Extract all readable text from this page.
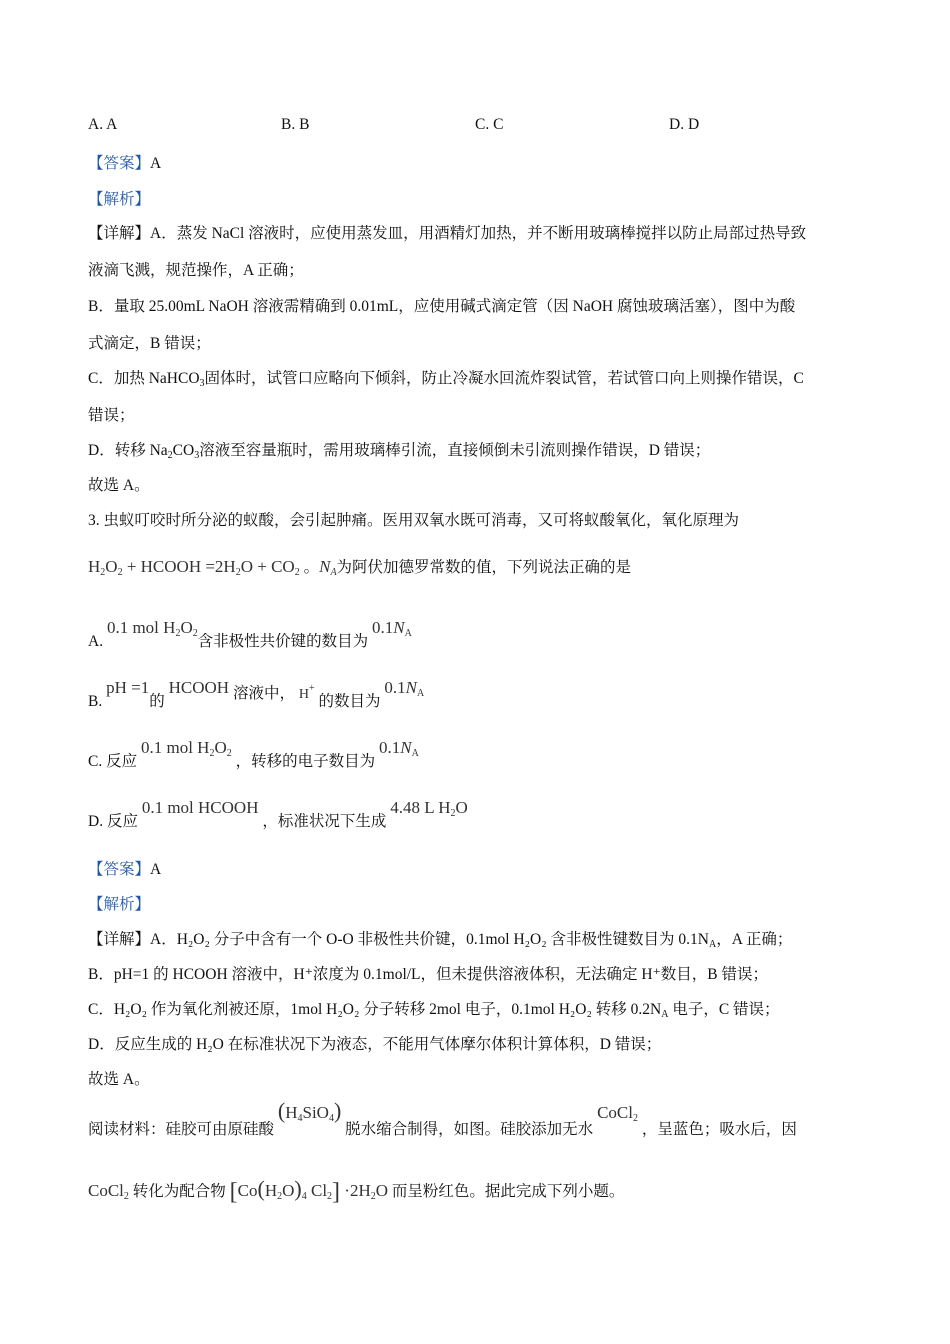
A. A	B. B	C. C	D. D
【答案】A
【解析】
【详解】A．蒸发 NaCl 溶液时，应使用蒸发皿，用酒精灯加热，并不断用玻璃棒搅拌以防止局部过热导致
液滴飞溅，规范操作，A 正确；
B．量取 25.00mL NaOH 溶液需精确到 0.01mL，应使用碱式滴定管（因 NaOH 腐蚀玻璃活塞），图中为酸
式滴定，B 错误；
C．加热 NaHCO$_3$固体时，试管口应略向下倾斜，防止冷凝水回流炸裂试管，若试管口向上则操作错误，C
错误；
D．转移 $Na_2CO_3$溶液至容量瓶时，需用玻璃棒引流，直接倾倒未引流则操作错误，D 错误；
故选 A。
3. 虫蚁叮咬时所分泌的蚁酸，会引起肿痛。医用双氧水既可消毒，又可将蚁酸氧化，氧化原理为
$H_2O_2$ + HCOOH $=2H_2O + CO_2$ 。$N_A$为阿伏加德罗常数的值，下列说法正确的是
A. 0.1 mol $H_2O_2$ 含非极性共价键的数目为 $0.1N_A$
B. pH =1的 HCOOH 溶液中， H+ 的数目为 $0.1N_A$
C. 反应 0.1 mol $H_2O_2$ ，转移的电子数目为 $0.1N_A$
D. 反应 0.1 mol HCOOH ，标准状况下生成 4.48 L $H_2O$
【答案】A
【解析】
【详解】A．H₂O₂ 分子中含有一个 O-O 非极性共价键，0.1mol H₂O₂ 含非极性键数目为 $0.1N_A$，A 正确；
B．pH=1 的 HCOOH 溶液中，H⁺浓度为 0.1mol/L，但未提供溶液体积，无法确定 H⁺数目，B 错误；
C．H₂O₂ 作为氧化剂被还原，1mol H₂O₂ 分子转移 2mol 电子，0.1mol H₂O₂ 转移 $0.2N_A$ 电子，C 错误；
D．反应生成的 H₂O 在标准状况下为液态，不能用气体摩尔体积计算体积，D 错误；
故选 A。
阅读材料：硅胶可由原硅酸 $(H_4SiO_4)$ 脱水缩合制得，如图。硅胶添加无水 CoCl$_2$ ，呈蓝色；吸水后，因
CoCl$_2$ 转化为配合物 [$Co(H_2O)_4$ $Cl_2] \cdot 2H_2O$ 而呈粉红色。据此完成下列小题。
